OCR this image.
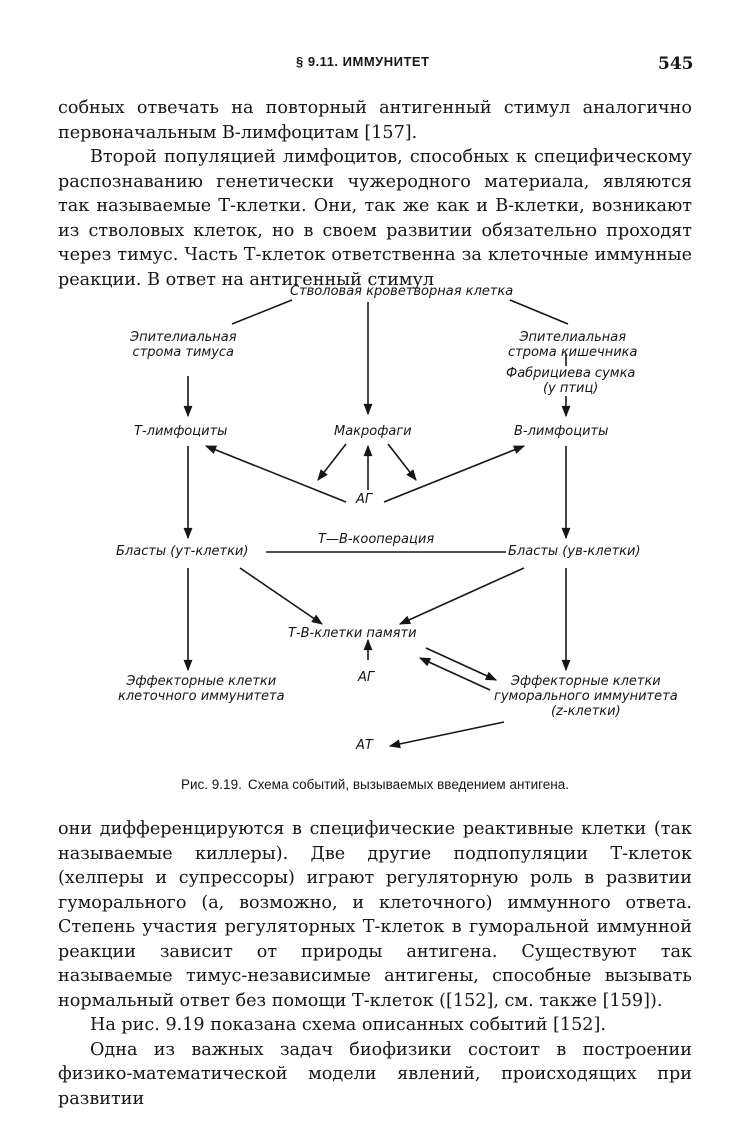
§ 9.11. ИММУНИТЕТ	545

собных отвечать на повторный антигенный стимул аналогично первоначальным В-лимфоцитам [157].

Второй популяцией лимфоцитов, способных к специфическому распознаванию генетически чужеродного материала, являются так называемые Т-клетки. Они, так же как и В-клетки, возникают из стволовых клеток, но в своем развитии обязательно проходят через тимус. Часть Т-клеток ответственна за клеточные иммунные реакции. В ответ на антигенный стимул

Стволовая кроветворная клетка
Эпителиальная
строма тимуса
Эпителиальная
строма кишечника
Фабрициева сумка
(у птиц)
Т-лимфоциты	Макрофаги	В-лимфоциты
АГ
Т—В-кооперация
Бласты (yт-клетки)	Бласты (yв-клетки)
Т-В-клетки памяти
АГ
Эффекторные клетки
клеточного иммунитета
Эффекторные клетки
гуморального иммунитета
(z-клетки)
АТ
Рис. 9.19. Схема событий, вызываемых введением антигена.

они дифференцируются в специфические реактивные клетки (так называемые киллеры). Две другие подпопуляции Т-клеток (хелперы и супрессоры) играют регуляторную роль в развитии гуморального (а, возможно, и клеточного) иммунного ответа. Степень участия регуляторных Т-клеток в гуморальной иммунной реакции зависит от природы антигена. Существуют так называемые тимус-независимые антигены, способные вызывать нормальный ответ без помощи Т-клеток ([152], см. также [159]).

На рис. 9.19 показана схема описанных событий [152].

Одна из важных задач биофизики состоит в построении физико-математической модели явлений, происходящих при развитии
